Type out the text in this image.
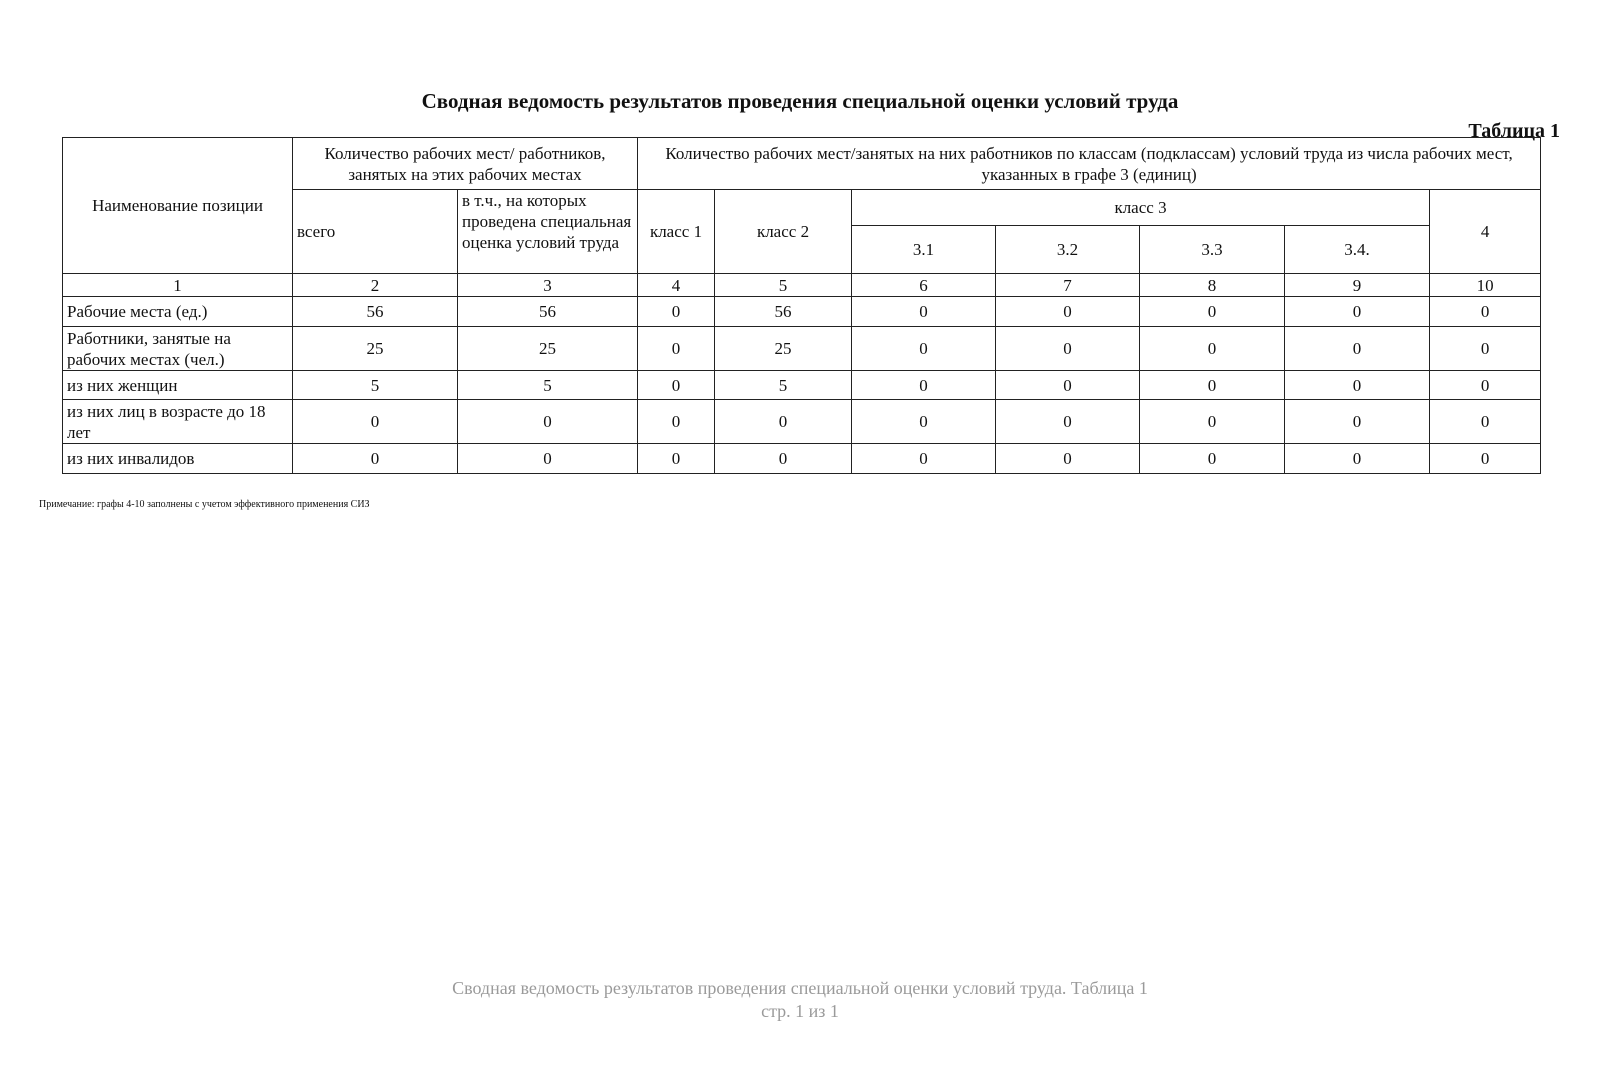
Сводная ведомость результатов проведения специальной оценки условий труда
Таблица 1
Наименование позиции	Количество рабочих мест/ работников, занятых на этих рабочих местах		Количество рабочих мест/занятых на них работников по классам (подклассам) условий труда из числа рабочих мест, указанных в графе 3 (единиц)						
	всего	в т.ч., на которых проведена специальная оценка условий труда	класс 1	класс 2	класс 3				4
					3.1	3.2	3.3	3.4.	
1	2	3	4	5	6	7	8	9	10
Рабочие места (ед.)	56	56	0	56	0	0	0	0	0
Работники, занятые на рабочих местах (чел.)	25	25	0	25	0	0	0	0	0
из них женщин	5	5	0	5	0	0	0	0	0
из них лиц в возрасте до 18 лет	0	0	0	0	0	0	0	0	0
из них инвалидов	0	0	0	0	0	0	0	0	0
Примечание: графы 4-10 заполнены с учетом эффективного применения СИЗ
Сводная ведомость результатов проведения специальной оценки условий труда. Таблица 1
стр. 1 из 1
